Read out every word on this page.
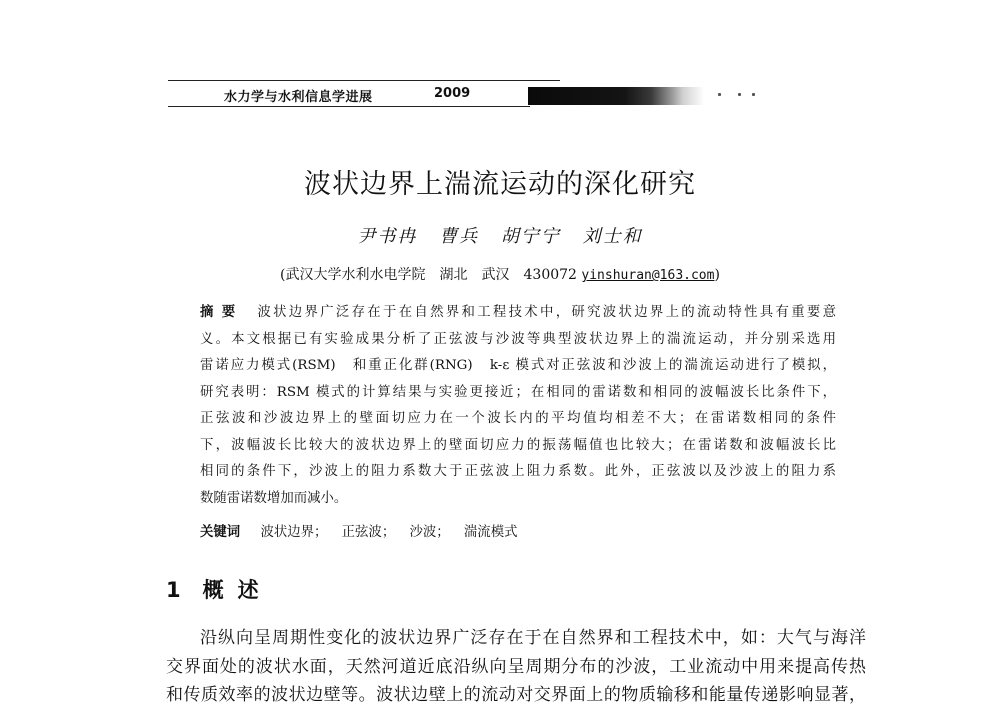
水力学与水利信息学进展	2009
波状边界上湍流运动的深化研究
尹书冉 曹兵 胡宁宁 刘士和
(武汉大学水利水电学院　湖北　武汉　430072 yinshuran@163.com)
摘要 波状边界广泛存在于在自然界和工程技术中，研究波状边界上的流动特性具有重要意
义。本文根据已有实验成果分析了正弦波与沙波等典型波状边界上的湍流运动，并分别采选用
雷诺应力模式(RSM)　和重正化群(RNG)　k-ε 模式对正弦波和沙波上的湍流运动进行了模拟，
研究表明：RSM 模式的计算结果与实验更接近；在相同的雷诺数和相同的波幅波长比条件下，
正弦波和沙波边界上的壁面切应力在一个波长内的平均值均相差不大；在雷诺数相同的条件
下，波幅波长比较大的波状边界上的壁面切应力的振荡幅值也比较大；在雷诺数和波幅波长比
相同的条件下，沙波上的阻力系数大于正弦波上阻力系数。此外，正弦波以及沙波上的阻力系
数随雷诺数增加而减小。
关键词 波状边界； 正弦波； 沙波； 湍流模式
1 概述
沿纵向呈周期性变化的波状边界广泛存在于在自然界和工程技术中，如：大气与海洋
交界面处的波状水面，天然河道近底沿纵向呈周期分布的沙波，工业流动中用来提高传热
和传质效率的波状边壁等。波状边壁上的流动对交界面上的物质输移和能量传递影响显著，
